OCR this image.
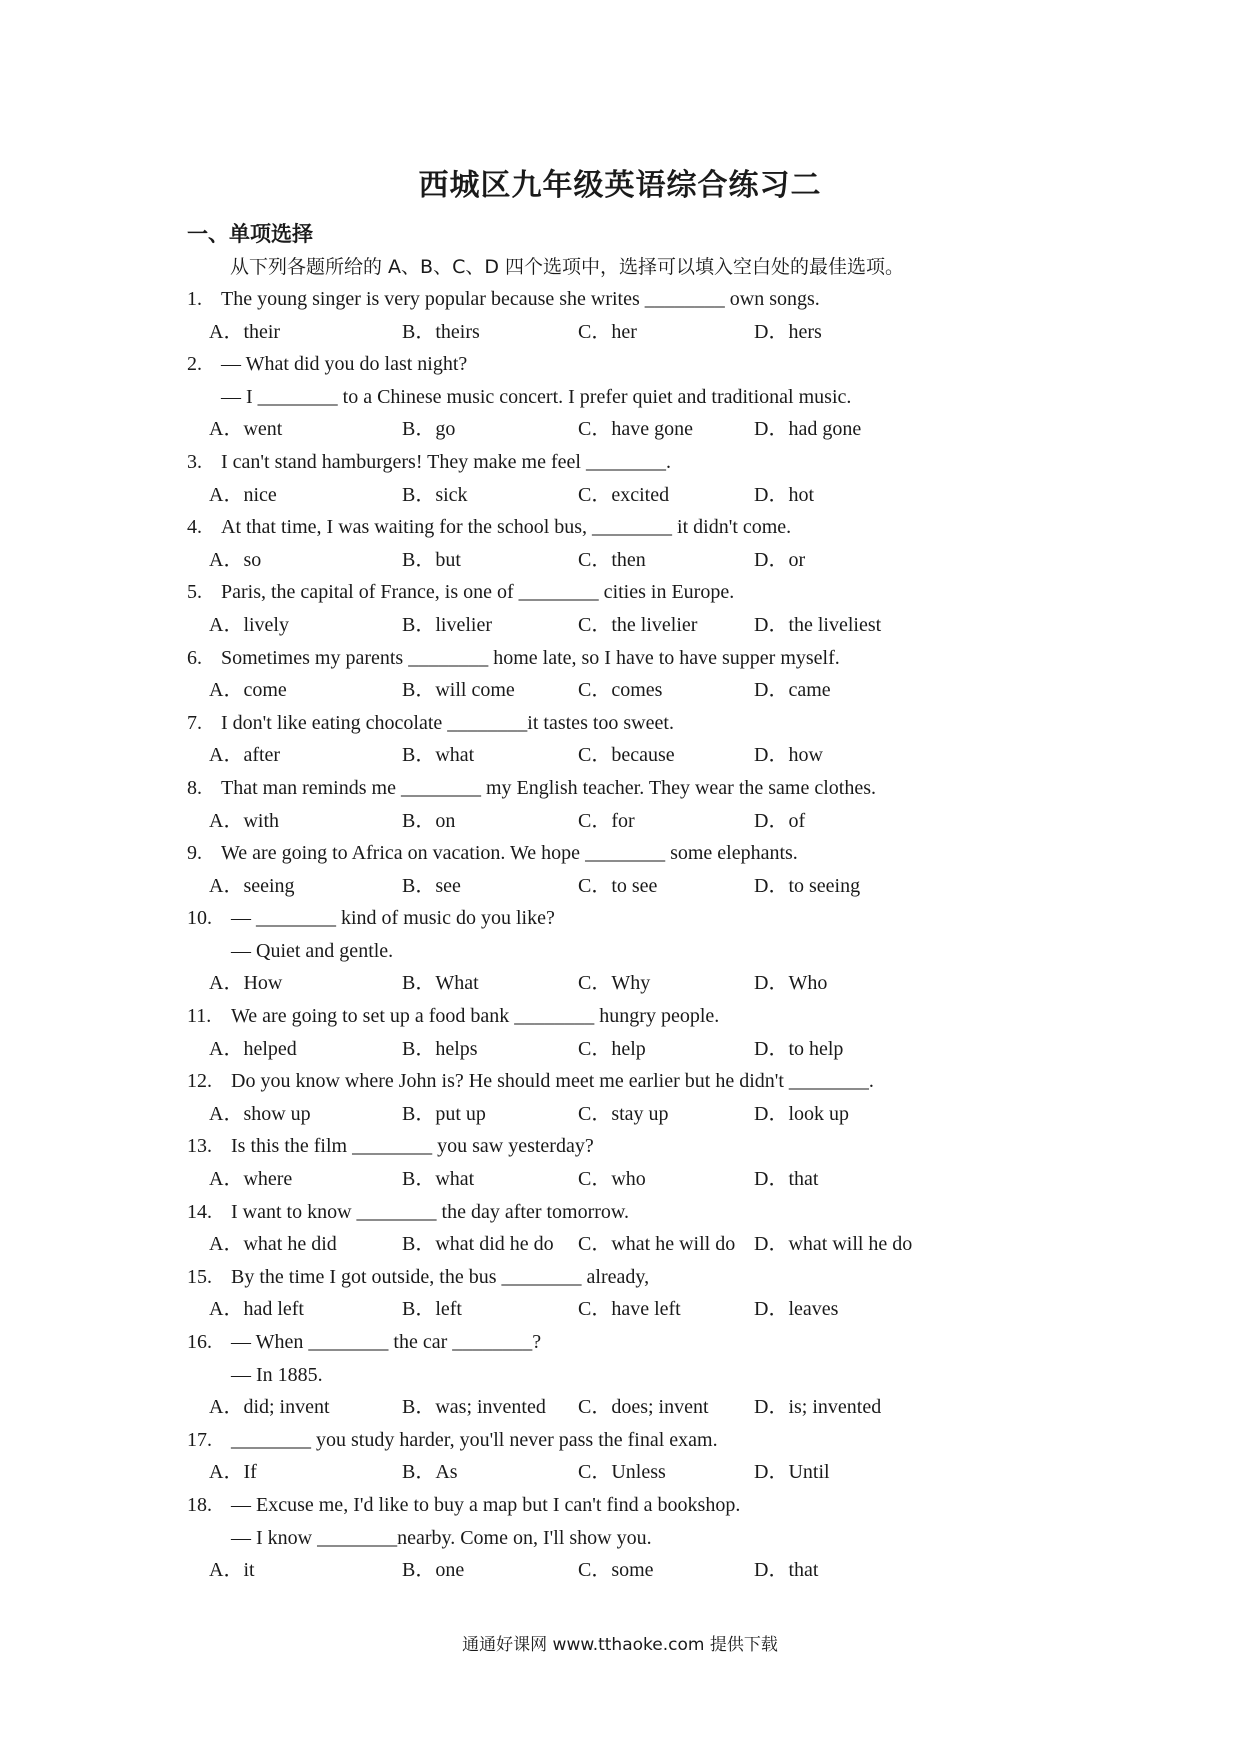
西城区九年级英语综合练习二
一、单项选择
从下列各题所给的 A、B、C、D 四个选项中，选择可以填入空白处的最佳选项。
1. The young singer is very popular because she writes ________ own songs.
A．their	B．theirs	C．her	D．hers
2. — What did you do last night?
— I ________ to a Chinese music concert. I prefer quiet and traditional music.
A．went	B．go	C．have gone	D．had gone
3. I can't stand hamburgers! They make me feel ________.
A．nice	B．sick	C．excited	D．hot
4. At that time, I was waiting for the school bus, ________ it didn't come.
A．so	B．but	C．then	D．or
5. Paris, the capital of France, is one of ________ cities in Europe.
A．lively	B．livelier	C．the livelier	D．the liveliest
6. Sometimes my parents ________ home late, so I have to have supper myself.
A．come	B．will come	C．comes	D．came
7. I don't like eating chocolate ________it tastes too sweet.
A．after	B．what	C．because	D．how
8. That man reminds me ________ my English teacher. They wear the same clothes.
A．with	B．on	C．for	D．of
9. We are going to Africa on vacation. We hope ________ some elephants.
A．seeing	B．see	C．to see	D．to seeing
10. — ________ kind of music do you like?
— Quiet and gentle.
A．How	B．What	C．Why	D．Who
11. We are going to set up a food bank ________ hungry people.
A．helped	B．helps	C．help	D．to help
12. Do you know where John is? He should meet me earlier but he didn't ________.
A．show up	B．put up	C．stay up	D．look up
13. Is this the film ________ you saw yesterday?
A．where	B．what	C．who	D．that
14. I want to know ________ the day after tomorrow.
A．what he did	B．what did he do C．what he will do D．what will he do
15. By the time I got outside, the bus ________ already,
A．had left	B．left	C．have left	D．leaves
16. — When ________ the car ________?
— In 1885.
A．did; invent	B．was; invented C．does; invent D．is; invented
17. ________ you study harder, you'll never pass the final exam.
A．If	B．As	C．Unless	D．Until
18. — Excuse me, I'd like to buy a map but I can't find a bookshop.
— I know ________nearby. Come on, I'll show you.
A．it	B．one	C．some	D．that
通通好课网 www.tthaoke.com 提供下载
